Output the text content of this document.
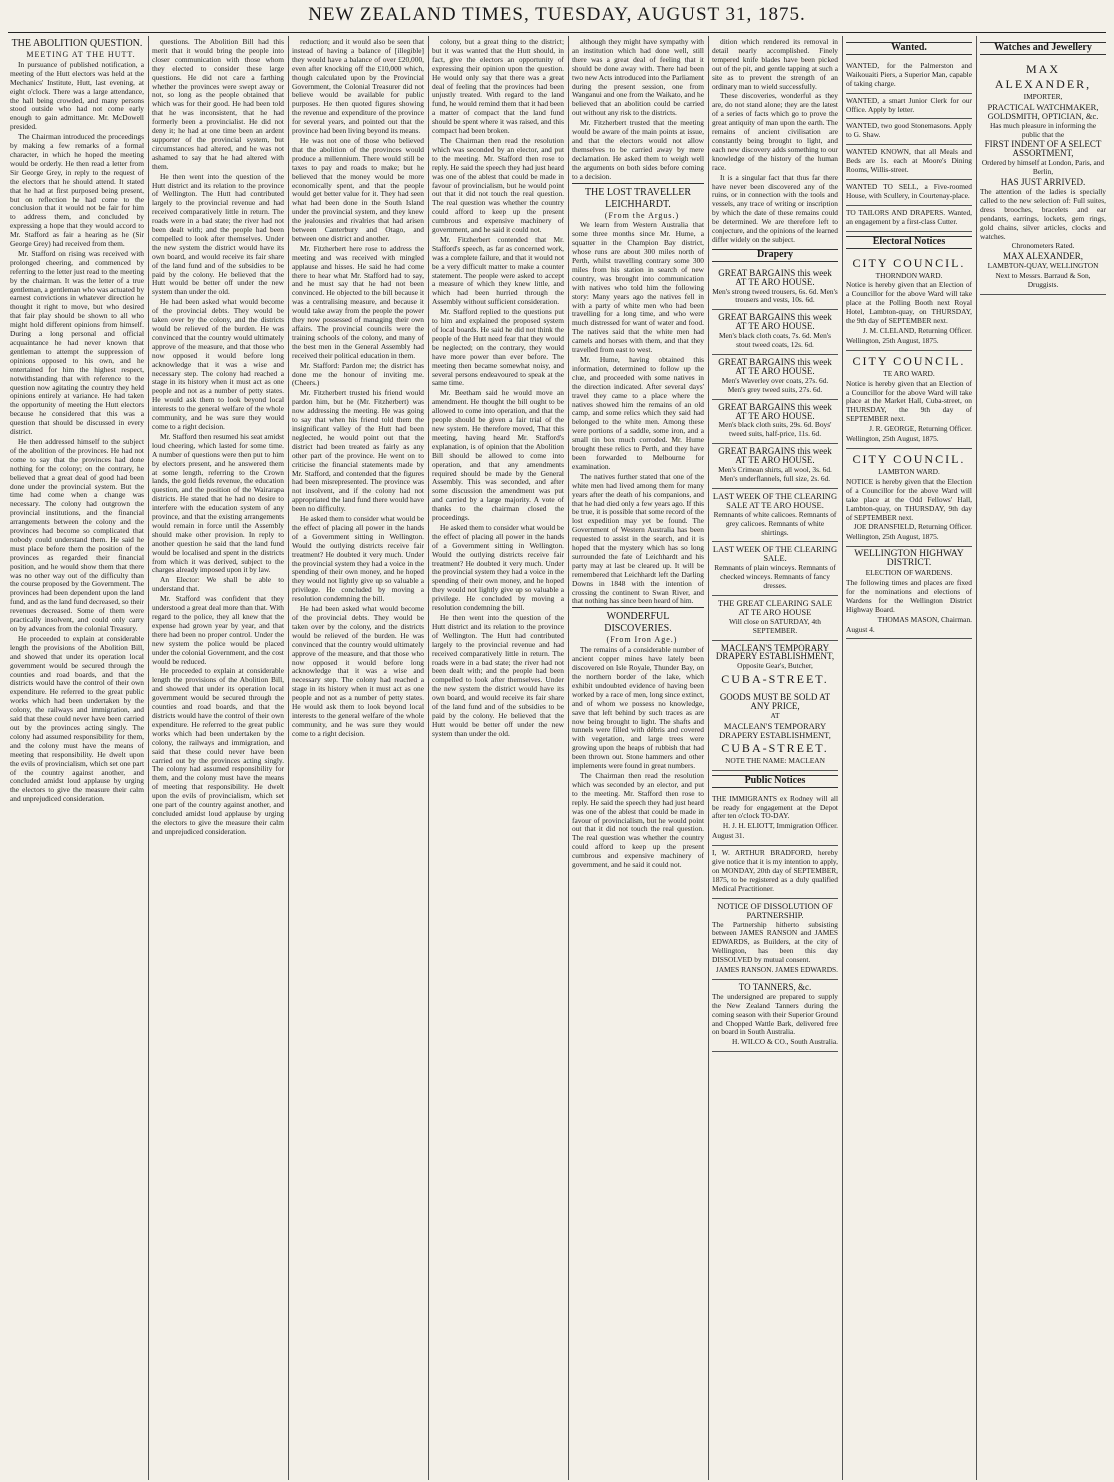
NEW ZEALAND TIMES, TUESDAY, AUGUST 31, 1875.

THE ABOLITION QUESTION.

MEETING AT THE HUTT.

In pursuance of published notification, a meeting of the Hutt electors was held at the Mechanics' Institute, Hutt, last evening, at eight o'clock. There was a large attendance, the hall being crowded, and many persons stood outside who had not come early enough to gain admittance. Mr. McDowell presided.

The Chairman introduced the proceedings by making a few remarks of a formal character, in which he hoped the meeting would be orderly. He then read a letter from Sir George Grey, in reply to the request of the electors that he should attend. It stated that he had at first purposed being present, but on reflection he had come to the conclusion that it would not be fair for him to address them, and concluded by expressing a hope that they would accord to Mr. Stafford as fair a hearing as he (Sir George Grey) had received from them.

Mr. Stafford on rising was received with prolonged cheering, and commenced by referring to the letter just read to the meeting by the chairman. It was the letter of a true gentleman, a gentleman who was actuated by earnest convictions in whatever direction he thought it right to move, but who desired that fair play should be shown to all who might hold different opinions from himself. During a long personal and official acquaintance he had never known that gentleman to attempt the suppression of opinions opposed to his own, and he entertained for him the highest respect, notwithstanding that with reference to the question now agitating the country they held opinions entirely at variance. He had taken the opportunity of meeting the Hutt electors because he considered that this was a question that should be discussed in every district.

He then addressed himself to the subject of the abolition of the provinces. He had not come to say that the provinces had done nothing for the colony; on the contrary, he believed that a great deal of good had been done under the provincial system. But the time had come when a change was necessary. The colony had outgrown the provincial institutions, and the financial arrangements between the colony and the provinces had become so complicated that nobody could understand them. He said he must place before them the position of the provinces as regarded their financial position, and he would show them that there was no other way out of the difficulty than the course proposed by the Government. The provinces had been dependent upon the land fund, and as the land fund decreased, so their revenues decreased. Some of them were practically insolvent, and could only carry on by advances from the colonial Treasury.

He proceeded to explain at considerable length the provisions of the Abolition Bill, and showed that under its operation local government would be secured through the counties and road boards, and that the districts would have the control of their own expenditure. He referred to the great public works which had been undertaken by the colony, the railways and immigration, and said that these could never have been carried out by the provinces acting singly. The colony had assumed responsibility for them, and the colony must have the means of meeting that responsibility. He dwelt upon the evils of provincialism, which set one part of the country against another, and concluded amidst loud applause by urging the electors to give the measure their calm and unprejudiced consideration.

questions. The Abolition Bill had this merit that it would bring the people into closer communication with those whom they elected to consider these large questions. He did not care a farthing whether the provinces were swept away or not, so long as the people obtained that which was for their good. He had been told that he was inconsistent, that he had formerly been a provincialist. He did not deny it; he had at one time been an ardent supporter of the provincial system, but circumstances had altered, and he was not ashamed to say that he had altered with them.

He then went into the question of the Hutt district and its relation to the province of Wellington. The Hutt had contributed largely to the provincial revenue and had received comparatively little in return. The roads were in a bad state; the river had not been dealt with; and the people had been compelled to look after themselves. Under the new system the district would have its own board, and would receive its fair share of the land fund and of the subsidies to be paid by the colony. He believed that the Hutt would be better off under the new system than under the old.

He had been asked what would become of the provincial debts. They would be taken over by the colony, and the districts would be relieved of the burden. He was convinced that the country would ultimately approve of the measure, and that those who now opposed it would before long acknowledge that it was a wise and necessary step. The colony had reached a stage in its history when it must act as one people and not as a number of petty states. He would ask them to look beyond local interests to the general welfare of the whole community, and he was sure they would come to a right decision.

Mr. Stafford then resumed his seat amidst loud cheering, which lasted for some time. A number of questions were then put to him by electors present, and he answered them at some length, referring to the Crown lands, the gold fields revenue, the education question, and the position of the Wairarapa districts. He stated that he had no desire to interfere with the education system of any province, and that the existing arrangements would remain in force until the Assembly should make other provision. In reply to another question he said that the land fund would be localised and spent in the districts from which it was derived, subject to the charges already imposed upon it by law.

An Elector: We shall be able to understand that.

Mr. Stafford was confident that they understood a great deal more than that. With regard to the police, they all knew that the expense had grown year by year, and that there had been no proper control. Under the new system the police would be placed under the colonial Government, and the cost would be reduced.

He proceeded to explain at considerable length the provisions of the Abolition Bill, and showed that under its operation local government would be secured through the counties and road boards, and that the districts would have the control of their own expenditure. He referred to the great public works which had been undertaken by the colony, the railways and immigration, and said that these could never have been carried out by the provinces acting singly. The colony had assumed responsibility for them, and the colony must have the means of meeting that responsibility. He dwelt upon the evils of provincialism, which set one part of the country against another, and concluded amidst loud applause by urging the electors to give the measure their calm and unprejudiced consideration.

reduction; and it would also be seen that instead of having a balance of [illegible] they would have a balance of over £20,000, even after knocking off the £10,000 which, though calculated upon by the Provincial Government, the Colonial Treasurer did not believe would be available for public purposes. He then quoted figures showing the revenue and expenditure of the province for several years, and pointed out that the province had been living beyond its means.

He was not one of those who believed that the abolition of the provinces would produce a millennium. There would still be taxes to pay and roads to make; but he believed that the money would be more economically spent, and that the people would get better value for it. They had seen what had been done in the South Island under the provincial system, and they knew the jealousies and rivalries that had arisen between Canterbury and Otago, and between one district and another.

Mr. Fitzherbert here rose to address the meeting and was received with mingled applause and hisses. He said he had come there to hear what Mr. Stafford had to say, and he must say that he had not been convinced. He objected to the bill because it was a centralising measure, and because it would take away from the people the power they now possessed of managing their own affairs. The provincial councils were the training schools of the colony, and many of the best men in the General Assembly had received their political education in them.

Mr. Stafford: Pardon me; the district has done me the honour of inviting me. (Cheers.)

Mr. Fitzherbert trusted his friend would pardon him, but he (Mr. Fitzherbert) was now addressing the meeting. He was going to say that when his friend told them the insignificant valley of the Hutt had been neglected, he would point out that the district had been treated as fairly as any other part of the province. He went on to criticise the financial statements made by Mr. Stafford, and contended that the figures had been misrepresented. The province was not insolvent, and if the colony had not appropriated the land fund there would have been no difficulty.

He asked them to consider what would be the effect of placing all power in the hands of a Government sitting in Wellington. Would the outlying districts receive fair treatment? He doubted it very much. Under the provincial system they had a voice in the spending of their own money, and he hoped they would not lightly give up so valuable a privilege. He concluded by moving a resolution condemning the bill.

He had been asked what would become of the provincial debts. They would be taken over by the colony, and the districts would be relieved of the burden. He was convinced that the country would ultimately approve of the measure, and that those who now opposed it would before long acknowledge that it was a wise and necessary step. The colony had reached a stage in its history when it must act as one people and not as a number of petty states. He would ask them to look beyond local interests to the general welfare of the whole community, and he was sure they would come to a right decision.

colony, but a great thing to the district; but it was wanted that the Hutt should, in fact, give the electors an opportunity of expressing their opinion upon the question. He would only say that there was a great deal of feeling that the provinces had been unjustly treated. With regard to the land fund, he would remind them that it had been a matter of compact that the land fund should be spent where it was raised, and this compact had been broken.

The Chairman then read the resolution which was seconded by an elector, and put to the meeting. Mr. Stafford then rose to reply. He said the speech they had just heard was one of the ablest that could be made in favour of provincialism, but he would point out that it did not touch the real question. The real question was whether the country could afford to keep up the present cumbrous and expensive machinery of government, and he said it could not.

Mr. Fitzherbert contended that Mr. Stafford's speech, as far as concerned work, was a complete failure, and that it would not be a very difficult matter to make a counter statement. The people were asked to accept a measure of which they knew little, and which had been hurried through the Assembly without sufficient consideration.

Mr. Stafford replied to the questions put to him and explained the proposed system of local boards. He said he did not think the people of the Hutt need fear that they would be neglected; on the contrary, they would have more power than ever before. The meeting then became somewhat noisy, and several persons endeavoured to speak at the same time.

Mr. Beetham said he would move an amendment. He thought the bill ought to be allowed to come into operation, and that the people should be given a fair trial of the new system. He therefore moved, That this meeting, having heard Mr. Stafford's explanation, is of opinion that the Abolition Bill should be allowed to come into operation, and that any amendments required should be made by the General Assembly. This was seconded, and after some discussion the amendment was put and carried by a large majority. A vote of thanks to the chairman closed the proceedings.

He asked them to consider what would be the effect of placing all power in the hands of a Government sitting in Wellington. Would the outlying districts receive fair treatment? He doubted it very much. Under the provincial system they had a voice in the spending of their own money, and he hoped they would not lightly give up so valuable a privilege. He concluded by moving a resolution condemning the bill.

He then went into the question of the Hutt district and its relation to the province of Wellington. The Hutt had contributed largely to the provincial revenue and had received comparatively little in return. The roads were in a bad state; the river had not been dealt with; and the people had been compelled to look after themselves. Under the new system the district would have its own board, and would receive its fair share of the land fund and of the subsidies to be paid by the colony. He believed that the Hutt would be better off under the new system than under the old.

although they might have sympathy with an institution which had done well, still there was a great deal of feeling that it should be done away with. There had been two new Acts introduced into the Parliament during the present session, one from Wanganui and one from the Waikato, and he believed that an abolition could be carried out without any risk to the districts.

Mr. Fitzherbert trusted that the meeting would be aware of the main points at issue, and that the electors would not allow themselves to be carried away by mere declamation. He asked them to weigh well the arguments on both sides before coming to a decision.

THE LOST TRAVELLER LEICHHARDT.

(From the Argus.)

We learn from Western Australia that some three months since Mr. Hume, a squatter in the Champion Bay district, whose runs are about 300 miles north of Perth, whilst travelling contrary some 300 miles from his station in search of new country, was brought into communication with natives who told him the following story: Many years ago the natives fell in with a party of white men who had been travelling for a long time, and who were much distressed for want of water and food. The natives said that the white men had camels and horses with them, and that they travelled from east to west.

Mr. Hume, having obtained this information, determined to follow up the clue, and proceeded with some natives in the direction indicated. After several days' travel they came to a place where the natives showed him the remains of an old camp, and some relics which they said had belonged to the white men. Among these were portions of a saddle, some iron, and a small tin box much corroded. Mr. Hume brought these relics to Perth, and they have been forwarded to Melbourne for examination.

The natives further stated that one of the white men had lived among them for many years after the death of his companions, and that he had died only a few years ago. If this be true, it is possible that some record of the lost expedition may yet be found. The Government of Western Australia has been requested to assist in the search, and it is hoped that the mystery which has so long surrounded the fate of Leichhardt and his party may at last be cleared up. It will be remembered that Leichhardt left the Darling Downs in 1848 with the intention of crossing the continent to Swan River, and that nothing has since been heard of him.

WONDERFUL DISCOVERIES.

(From Iron Age.)

The remains of a considerable number of ancient copper mines have lately been discovered on Isle Royale, Thunder Bay, on the northern border of the lake, which exhibit undoubted evidence of having been worked by a race of men, long since extinct, and of whom we possess no knowledge, save that left behind by such traces as are now being brought to light. The shafts and tunnels were filled with débris and covered with vegetation, and large trees were growing upon the heaps of rubbish that had been thrown out. Stone hammers and other implements were found in great numbers.

The Chairman then read the resolution which was seconded by an elector, and put to the meeting. Mr. Stafford then rose to reply. He said the speech they had just heard was one of the ablest that could be made in favour of provincialism, but he would point out that it did not touch the real question. The real question was whether the country could afford to keep up the present cumbrous and expensive machinery of government, and he said it could not.

dition which rendered its removal in detail nearly accomplished. Finely tempered knife blades have been picked out of the pit, and gentle tapping at such a site as to prevent the strength of an ordinary man to wield successfully.

These discoveries, wonderful as they are, do not stand alone; they are the latest of a series of facts which go to prove the great antiquity of man upon the earth. The remains of ancient civilisation are constantly being brought to light, and each new discovery adds something to our knowledge of the history of the human race.

It is a singular fact that thus far there have never been discovered any of the ruins, or in connection with the tools and vessels, any trace of writing or inscription by which the date of these remains could be determined. We are therefore left to conjecture, and the opinions of the learned differ widely on the subject.

Drapery

GREAT BARGAINS this week AT TE ARO HOUSE.

Men's strong tweed trousers, 6s. 6d. Men's trousers and vests, 10s. 6d.

GREAT BARGAINS this week AT TE ARO HOUSE.

Men's black cloth coats, 7s. 6d. Men's stout tweed coats, 12s. 6d.

GREAT BARGAINS this week AT TE ARO HOUSE.

Men's Waverley over coats, 27s. 6d. Men's grey tweed suits, 27s. 6d.

GREAT BARGAINS this week AT TE ARO HOUSE.

Men's black cloth suits, 29s. 6d. Boys' tweed suits, half-price, 11s. 6d.

GREAT BARGAINS this week AT TE ARO HOUSE.

Men's Crimean shirts, all wool, 3s. 6d. Men's underflannels, full size, 2s. 6d.

LAST WEEK OF THE CLEARING SALE AT TE ARO HOUSE.

Remnants of white calicoes. Remnants of grey calicoes. Remnants of white shirtings.

LAST WEEK OF THE CLEARING SALE.

Remnants of plain winceys. Remnants of checked winceys. Remnants of fancy dresses.

THE GREAT CLEARING SALE AT TE ARO HOUSE

Will close on SATURDAY, 4th SEPTEMBER.

MACLEAN'S TEMPORARY DRAPERY ESTABLISHMENT,

Opposite Gear's, Butcher,

CUBA-STREET.

GOODS MUST BE SOLD AT ANY PRICE,

AT

MACLEAN'S TEMPORARY DRAPERY ESTABLISHMENT,

CUBA-STREET.

NOTE THE NAME: MACLEAN

Public Notices

THE IMMIGRANTS ex Rodney will all be ready for engagement at the Depot after ten o'clock TO-DAY.

H. J. H. ELIOTT, Immigration Officer.

August 31.

I, W. ARTHUR BRADFORD, hereby give notice that it is my intention to apply, on MONDAY, 20th day of SEPTEMBER, 1875, to be registered as a duly qualified Medical Practitioner.

NOTICE OF DISSOLUTION OF PARTNERSHIP.

The Partnership hitherto subsisting between JAMES RANSON and JAMES EDWARDS, as Builders, at the city of Wellington, has been this day DISSOLVED by mutual consent.

JAMES RANSON. JAMES EDWARDS.

TO TANNERS, &c.

The undersigned are prepared to supply the New Zealand Tanners during the coming season with their Superior Ground and Chopped Wattle Bark, delivered free on board in South Australia.

H. WILCO & CO., South Australia.

Wanted.

WANTED, for the Palmerston and Waikouaiti Piers, a Superior Man, capable of taking charge.

WANTED, a smart Junior Clerk for our Office. Apply by letter.

WANTED, two good Stonemasons. Apply to G. Shaw.

WANTED KNOWN, that all Meals and Beds are 1s. each at Moore's Dining Rooms, Willis-street.

WANTED TO SELL, a Five-roomed House, with Scullery, in Courtenay-place.

TO TAILORS AND DRAPERS. Wanted, an engagement by a first-class Cutter.

Electoral Notices

CITY COUNCIL.

THORNDON WARD.

Notice is hereby given that an Election of a Councillor for the above Ward will take place at the Polling Booth next Royal Hotel, Lambton-quay, on THURSDAY, the 9th day of SEPTEMBER next.

J. M. CLELAND, Returning Officer.

Wellington, 25th August, 1875.

CITY COUNCIL.

TE ARO WARD.

Notice is hereby given that an Election of a Councillor for the above Ward will take place at the Market Hall, Cuba-street, on THURSDAY, the 9th day of SEPTEMBER next.

J. R. GEORGE, Returning Officer.

Wellington, 25th August, 1875.

CITY COUNCIL.

LAMBTON WARD.

NOTICE is hereby given that the Election of a Councillor for the above Ward will take place at the Odd Fellows' Hall, Lambton-quay, on THURSDAY, 9th day of SEPTEMBER next.

JOE DRANSFIELD, Returning Officer.

Wellington, 25th August, 1875.

WELLINGTON HIGHWAY DISTRICT.

ELECTION OF WARDENS.

The following times and places are fixed for the nominations and elections of Wardens for the Wellington District Highway Board.

THOMAS MASON, Chairman.

August 4.

Watches and Jewellery

MAX ALEXANDER,

IMPORTER,

PRACTICAL WATCHMAKER, GOLDSMITH, OPTICIAN, &c.

Has much pleasure in informing the public that the

FIRST INDENT OF A SELECT ASSORTMENT,

Ordered by himself at London, Paris, and Berlin,

HAS JUST ARRIVED.

The attention of the ladies is specially called to the new selection of: Full suites, dress brooches, bracelets and ear pendants, earrings, lockets, gem rings, gold chains, silver articles, clocks and watches.

Chronometers Rated.

MAX ALEXANDER,

LAMBTON-QUAY, WELLINGTON

Next to Messrs. Barraud & Son, Druggists.
